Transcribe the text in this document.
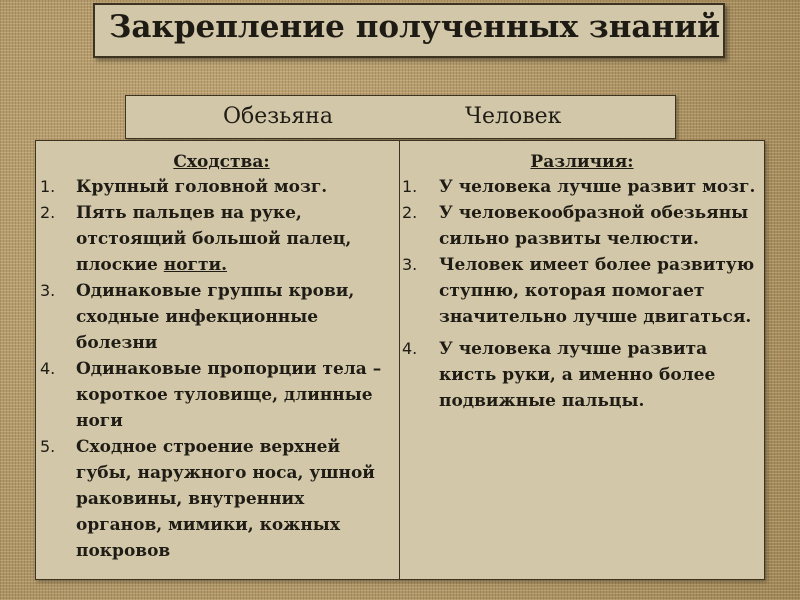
Закрепление полученных знаний
Обезьяна	Человек
Сходства:
1. Крупный головной мозг.
2. Пять пальцев на руке, отстоящий большой палец, плоские ногти.
3. Одинаковые группы крови, сходные инфекционные болезни
4. Одинаковые пропорции тела – короткое туловище, длинные ноги
5. Сходное строение верхней губы, наружного носа, ушной раковины, внутренних органов, мимики, кожных покровов
Различия:
1. У человека лучше развит мозг.
2. У человекообразной обезьяны сильно развиты челюсти.
3. Человек имеет более развитую ступню, которая помогает значительно лучше двигаться.
4. У человека лучше развита кисть руки, а именно более подвижные пальцы.
